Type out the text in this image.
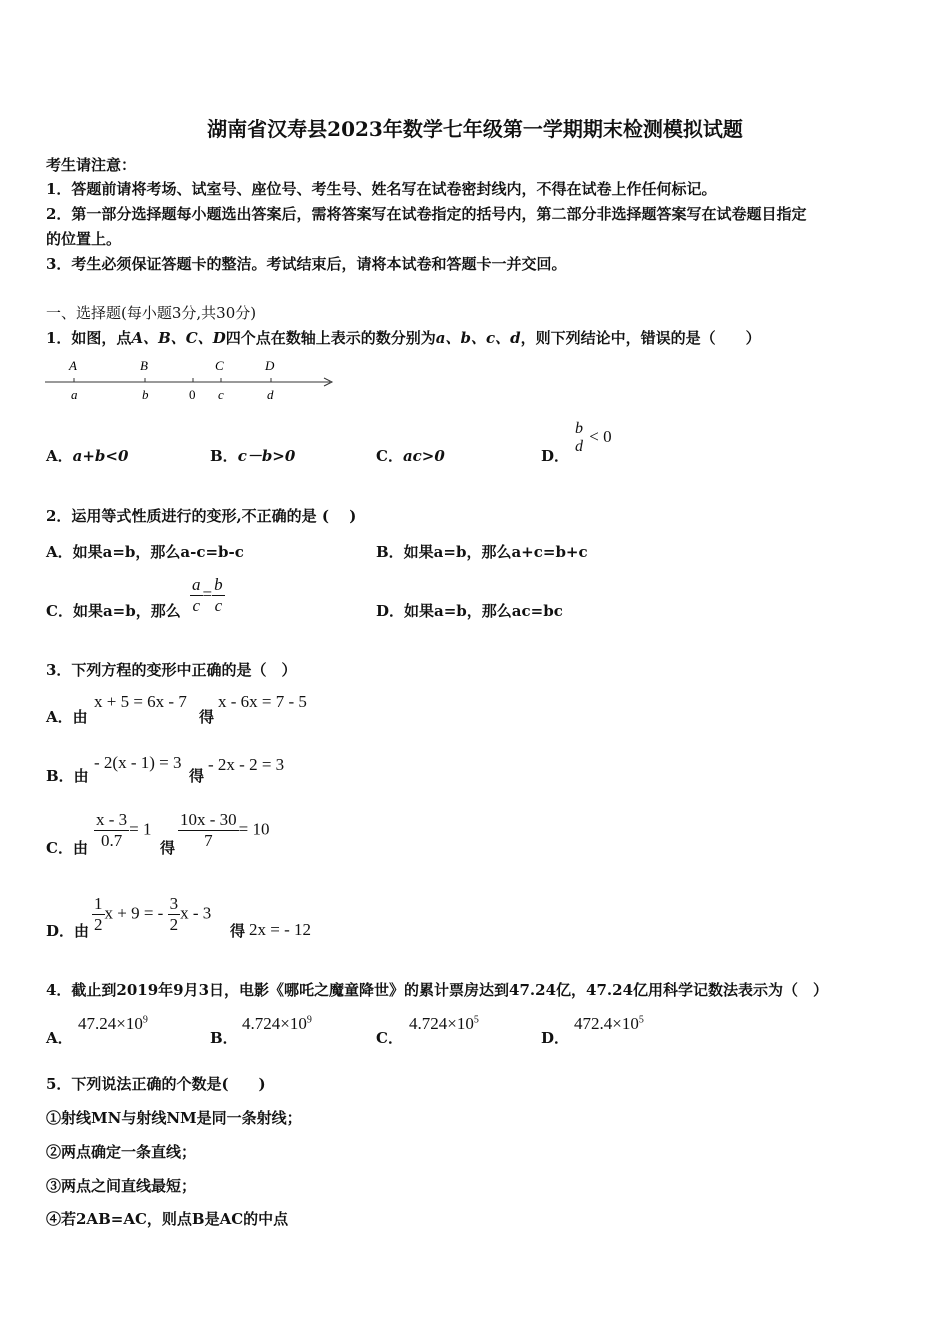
湖南省汉寿县2023年数学七年级第一学期期末检测模拟试题
考生请注意：
1．答题前请将考场、试室号、座位号、考生号、姓名写在试卷密封线内，不得在试卷上作任何标记。
2．第一部分选择题每小题选出答案后，需将答案写在试卷指定的括号内，第二部分非选择题答案写在试卷题目指定
的位置上。
3．考生必须保证答题卡的整洁。考试结束后，请将本试卷和答题卡一并交回。
一、选择题(每小题3分,共30分)
1．如图，点A、B、C、D四个点在数轴上表示的数分别为a、b、c、d，则下列结论中，错误的是（　　）
A	B	C	D
a	b	0 c	d
A．a+b<0	B．c－b>0	C．ac>0	D．
b
d
< 0
2．运用等式性质进行的变形,不正确的是 (　 )
A．如果a=b，那么a-c=b-c	B．如果a=b，那么a+c=b+c
C．如果a=b，那么 $\frac{a}{c} = \frac{b}{c}$	D．如果a=b，那么ac=bc
3．下列方程的变形中正确的是（　）
A．由
x + 5 = 6x - 7
得
x - 6x = 7 - 5
B．由
- 2(x - 1) = 3
得
- 2x - 2 = 3
C．由 $\frac{x - 3}{0.7} = 1$
得 $\frac{10x - 30}{7} = 10$
D．由 $\frac{1}{2}$ x + 9 = - $\frac{3}{2}$ x - 3
得 2x = - 12
4．截止到2019年9月3日，电影《哪吒之魔童降世》的累计票房达到47.24亿，47.24亿用科学记数法表示为（　）
A．
$47.24\times 10^9$
B．
$4.724\times 10^9$
C．
$4.724\times 10^5$
D．
$472.4\times 10^5$
5．下列说法正确的个数是(　　)
①射线MN与射线NM是同一条射线；
②两点确定一条直线；
③两点之间直线最短；
④若2AB=AC，则点B是AC的中点
